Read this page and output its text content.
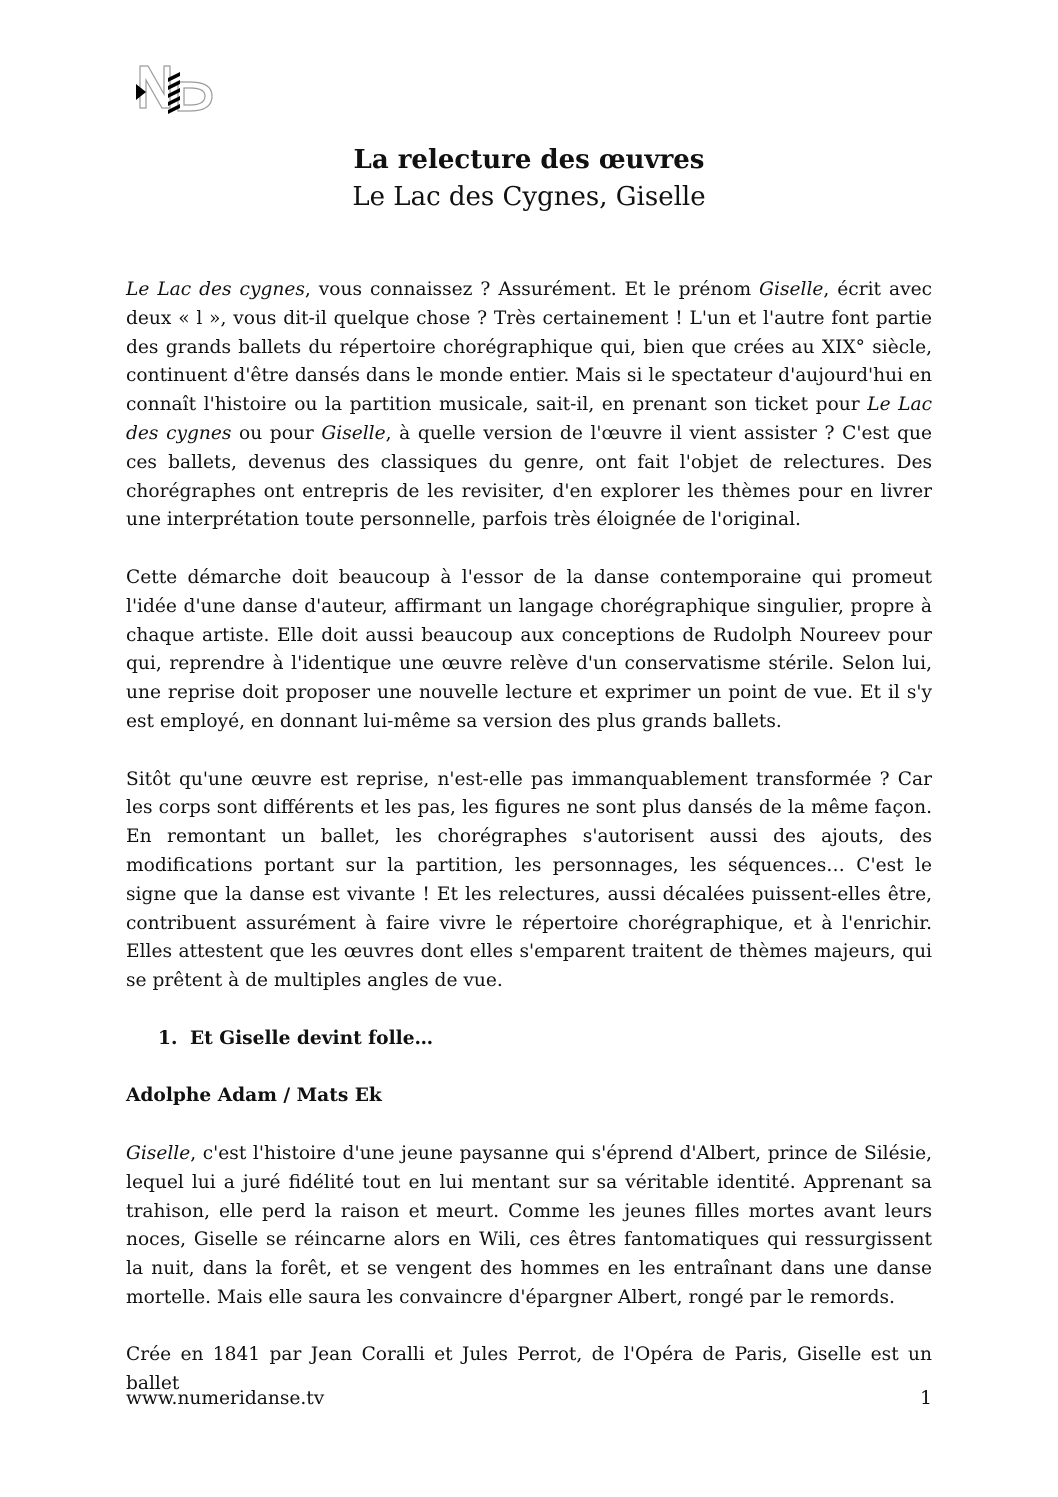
La relecture des œuvres

Le Lac des Cygnes, Giselle

Le Lac des cygnes, vous connaissez ? Assurément. Et le prénom Giselle, écrit avec deux « l », vous dit-il quelque chose ? Très certainement ! L'un et l'autre font partie des grands ballets du répertoire chorégraphique qui, bien que crées au XIX° siècle, continuent d'être dansés dans le monde entier. Mais si le spectateur d'aujourd'hui en connaît l'histoire ou la partition musicale, sait-il, en prenant son ticket pour Le Lac des cygnes ou pour Giselle, à quelle version de l'œuvre il vient assister ? C'est que ces ballets, devenus des classiques du genre, ont fait l'objet de relectures. Des chorégraphes ont entrepris de les revisiter, d'en explorer les thèmes pour en livrer une interprétation toute personnelle, parfois très éloignée de l'original.

Cette démarche doit beaucoup à l'essor de la danse contemporaine qui promeut l'idée d'une danse d'auteur, affirmant un langage chorégraphique singulier, propre à chaque artiste. Elle doit aussi beaucoup aux conceptions de Rudolph Noureev pour qui, reprendre à l'identique une œuvre relève d'un conservatisme stérile. Selon lui, une reprise doit proposer une nouvelle lecture et exprimer un point de vue. Et il s'y est employé, en donnant lui-même sa version des plus grands ballets.

Sitôt qu'une œuvre est reprise, n'est-elle pas immanquablement transformée ? Car les corps sont différents et les pas, les figures ne sont plus dansés de la même façon. En remontant un ballet, les chorégraphes s'autorisent aussi des ajouts, des modifications portant sur la partition, les personnages, les séquences… C'est le signe que la danse est vivante ! Et les relectures, aussi décalées puissent-elles être, contribuent assurément à faire vivre le répertoire chorégraphique, et à l'enrichir. Elles attestent que les œuvres dont elles s'emparent traitent de thèmes majeurs, qui se prêtent à de multiples angles de vue.

1. Et Giselle devint folle…

Adolphe Adam / Mats Ek

Giselle, c'est l'histoire d'une jeune paysanne qui s'éprend d'Albert, prince de Silésie, lequel lui a juré fidélité tout en lui mentant sur sa véritable identité. Apprenant sa trahison, elle perd la raison et meurt. Comme les jeunes filles mortes avant leurs noces, Giselle se réincarne alors en Wili, ces êtres fantomatiques qui ressurgissent la nuit, dans la forêt, et se vengent des hommes en les entraînant dans une danse mortelle. Mais elle saura les convaincre d'épargner Albert, rongé par le remords.

Crée en 1841 par Jean Coralli et Jules Perrot, de l'Opéra de Paris, Giselle est un ballet

www.numeridanse.tv	1
